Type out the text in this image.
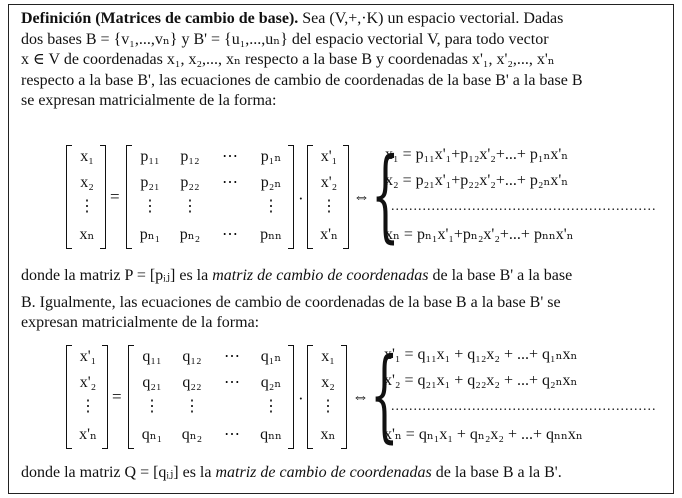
Definición (Matrices de cambio de base). Sea (V,+,·K) un espacio vectorial. Dadas
dos bases B = {v₁,...,vₙ} y B' = {u₁,...,uₙ} del espacio vectorial V, para todo vector
x ∈ V de coordenadas x₁, x₂,..., xₙ respecto a la base B y coordenadas x'₁, x'₂,..., x'ₙ
respecto a la base B', las ecuaciones de cambio de coordenadas de la base B' a la base B
se expresan matricialmente de la forma:
x₁
x₂
⋮
xₙ
=
p₁₁	p₁₂	⋯	p₁ₙ
p₂₁	p₂₂	⋯	p₂ₙ
⋮	⋮	⋮
pₙ₁	pₙ₂	⋯	pₙₙ
·
x'₁
x'₂
⋮
x'ₙ
⇔ {
x₁ = p₁₁x'₁+p₁₂x'₂+...+ p₁ₙx'ₙ
x₂ = p₂₁x'₁+p₂₂x'₂+...+ p₂ₙx'ₙ
...........................................................
xₙ = pₙ₁x'₁+pₙ₂x'₂+...+ pₙₙx'ₙ
donde la matriz P = [pᵢⱼ] es la matriz de cambio de coordenadas de la base B' a la base
B. Igualmente, las ecuaciones de cambio de coordenadas de la base B a la base B' se
expresan matricialmente de la forma:
x'₁
x'₂
⋮
x'ₙ
=
q₁₁	q₁₂	⋯	q₁ₙ
q₂₁	q₂₂	⋯	q₂ₙ
⋮	⋮	⋮
qₙ₁	qₙ₂	⋯	qₙₙ
·
x₁
x₂
⋮
xₙ
⇔ {
x'₁ = q₁₁x₁ + q₁₂x₂ + ...+ q₁ₙxₙ
x'₂ = q₂₁x₁ + q₂₂x₂ + ...+ q₂ₙxₙ
...........................................................
x'ₙ = qₙ₁x₁ + qₙ₂x₂ + ...+ qₙₙxₙ
donde la matriz Q = [qᵢⱼ] es la matriz de cambio de coordenadas de la base B a la B'.
